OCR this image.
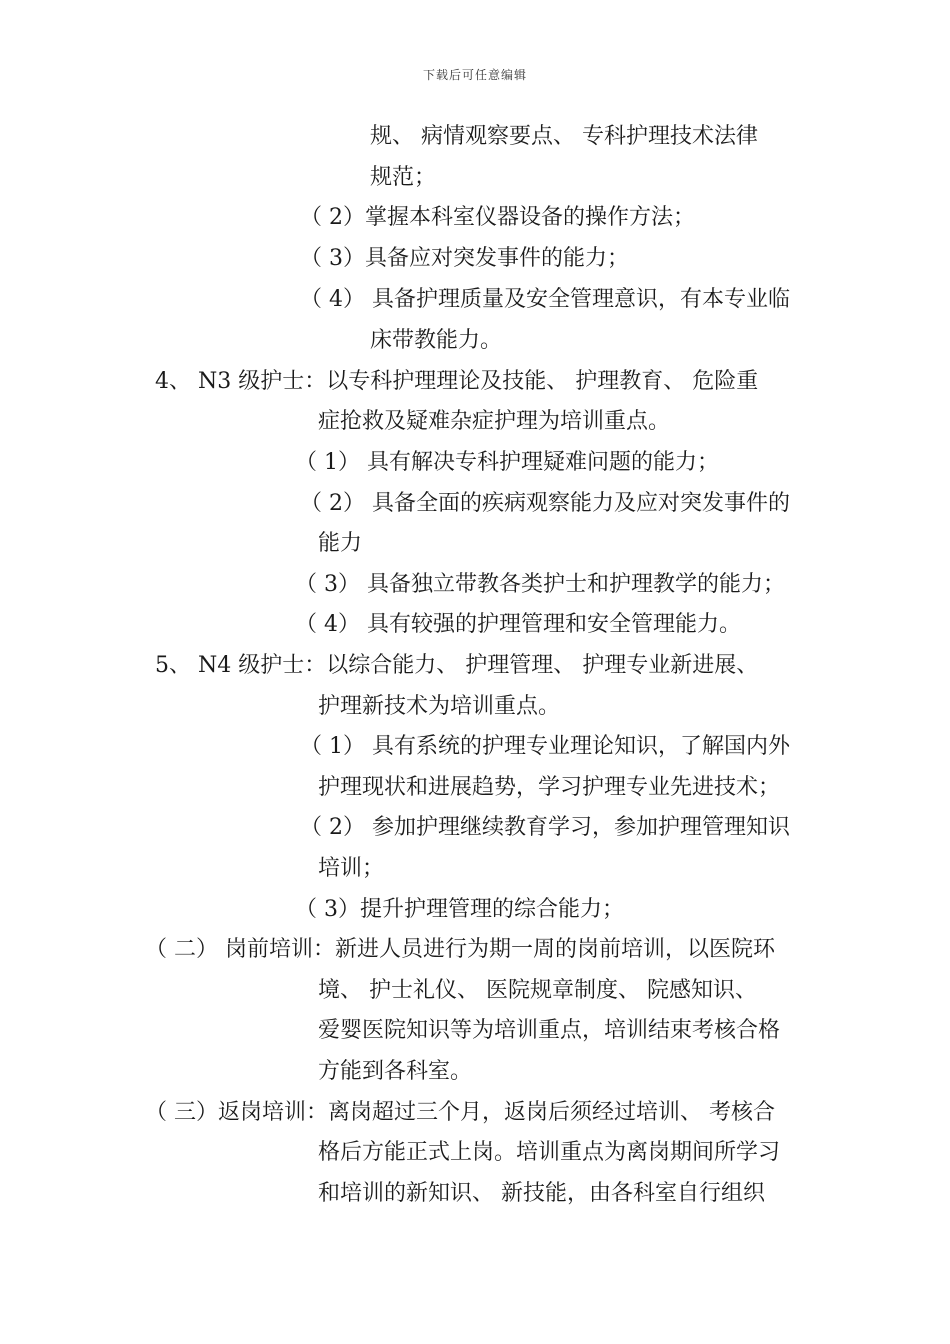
下载后可任意编辑
规、 病情观察要点、 专科护理技术法律
规范；
（ 2）掌握本科室仪器设备的操作方法；
（ 3）具备应对突发事件的能力；
（ 4） 具备护理质量及安全管理意识，有本专业临
床带教能力。
4、 N3 级护士：以专科护理理论及技能、 护理教育、 危险重
症抢救及疑难杂症护理为培训重点。
（ 1） 具有解决专科护理疑难问题的能力；
（ 2） 具备全面的疾病观察能力及应对突发事件的
能力
（ 3） 具备独立带教各类护士和护理教学的能力；
（ 4） 具有较强的护理管理和安全管理能力。
5、 N4 级护士：以综合能力、 护理管理、 护理专业新进展、
护理新技术为培训重点。
（ 1） 具有系统的护理专业理论知识，了解国内外
护理现状和进展趋势，学习护理专业先进技术；
（ 2） 参加护理继续教育学习，参加护理管理知识
培训；
（ 3）提升护理管理的综合能力；
（ 二） 岗前培训：新进人员进行为期一周的岗前培训，以医院环
境、 护士礼仪、 医院规章制度、 院感知识、
爱婴医院知识等为培训重点，培训结束考核合格
方能到各科室。
（ 三）返岗培训：离岗超过三个月，返岗后须经过培训、 考核合
格后方能正式上岗。培训重点为离岗期间所学习
和培训的新知识、 新技能，由各科室自行组织
